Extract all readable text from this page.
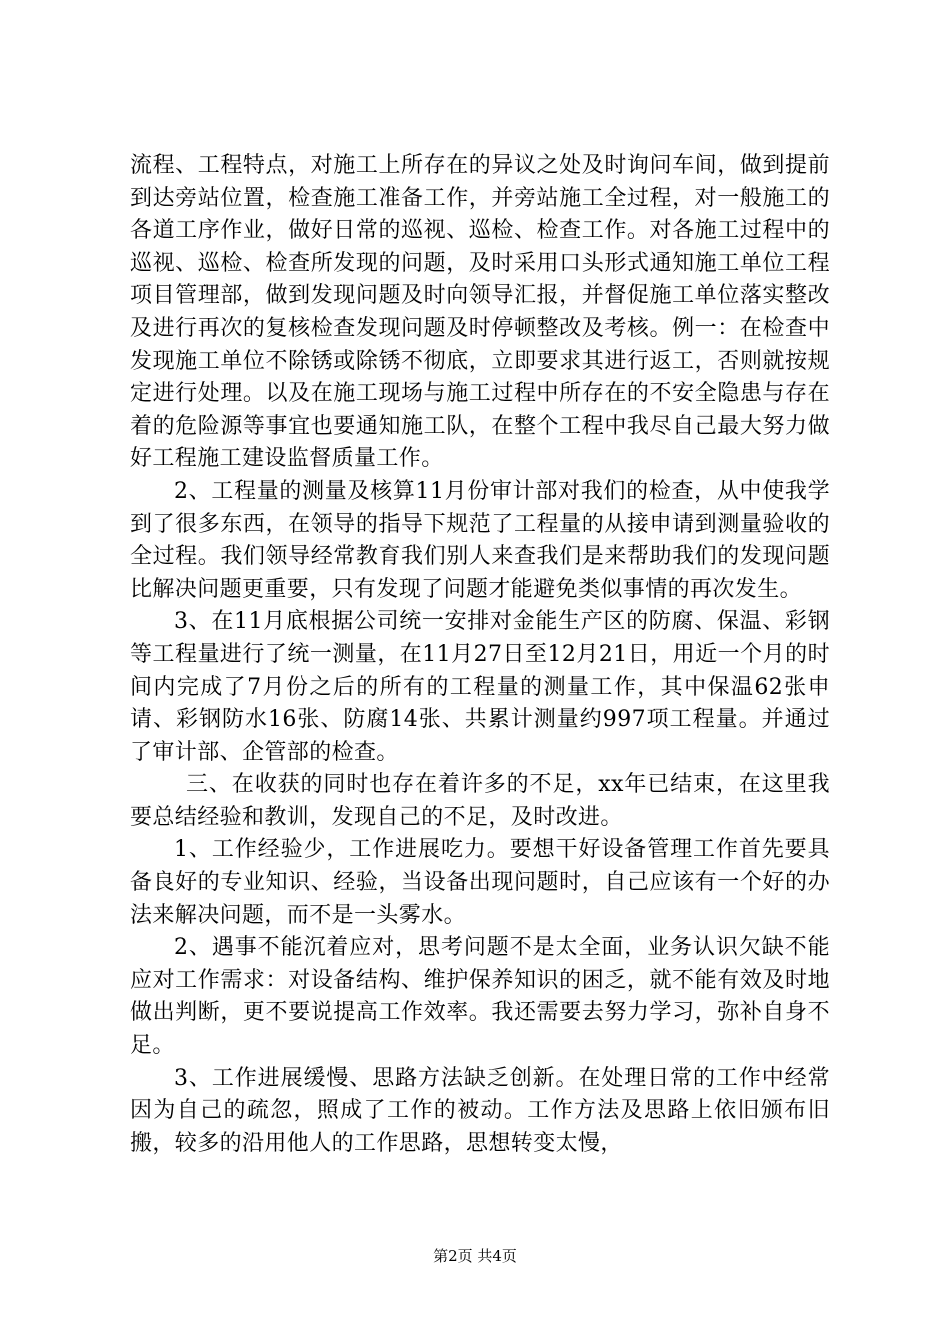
流程、工程特点，对施工上所存在的异议之处及时询问车间，做到提前到达旁站位置，检查施工准备工作，并旁站施工全过程，对一般施工的各道工序作业，做好日常的巡视、巡检、检查工作。对各施工过程中的巡视、巡检、检查所发现的问题，及时采用口头形式通知施工单位工程项目管理部，做到发现问题及时向领导汇报，并督促施工单位落实整改及进行再次的复核检查发现问题及时停顿整改及考核。例一：在检查中发现施工单位不除锈或除锈不彻底，立即要求其进行返工，否则就按规定进行处理。以及在施工现场与施工过程中所存在的不安全隐患与存在着的危险源等事宜也要通知施工队，在整个工程中我尽自己最大努力做好工程施工建设监督质量工作。

2、工程量的测量及核算11月份审计部对我们的检查，从中使我学到了很多东西，在领导的指导下规范了工程量的从接申请到测量验收的全过程。我们领导经常教育我们别人来查我们是来帮助我们的发现问题比解决问题更重要，只有发现了问题才能避免类似事情的再次发生。

3、在11月底根据公司统一安排对金能生产区的防腐、保温、彩钢等工程量进行了统一测量，在11月27日至12月21日，用近一个月的时间内完成了7月份之后的所有的工程量的测量工作，其中保温62张申请、彩钢防水16张、防腐14张、共累计测量约997项工程量。并通过了审计部、企管部的检查。

三、在收获的同时也存在着许多的不足，xx年已结束，在这里我要总结经验和教训，发现自己的不足，及时改进。

1、工作经验少，工作进展吃力。要想干好设备管理工作首先要具备良好的专业知识、经验，当设备出现问题时，自己应该有一个好的办法来解决问题，而不是一头雾水。

2、遇事不能沉着应对，思考问题不是太全面，业务认识欠缺不能应对工作需求：对设备结构、维护保养知识的困乏，就不能有效及时地做出判断，更不要说提高工作效率。我还需要去努力学习，弥补自身不足。

3、工作进展缓慢、思路方法缺乏创新。在处理日常的工作中经常因为自己的疏忽，照成了工作的被动。工作方法及思路上依旧颁布旧搬，较多的沿用他人的工作思路，思想转变太慢，

第2页 共4页
